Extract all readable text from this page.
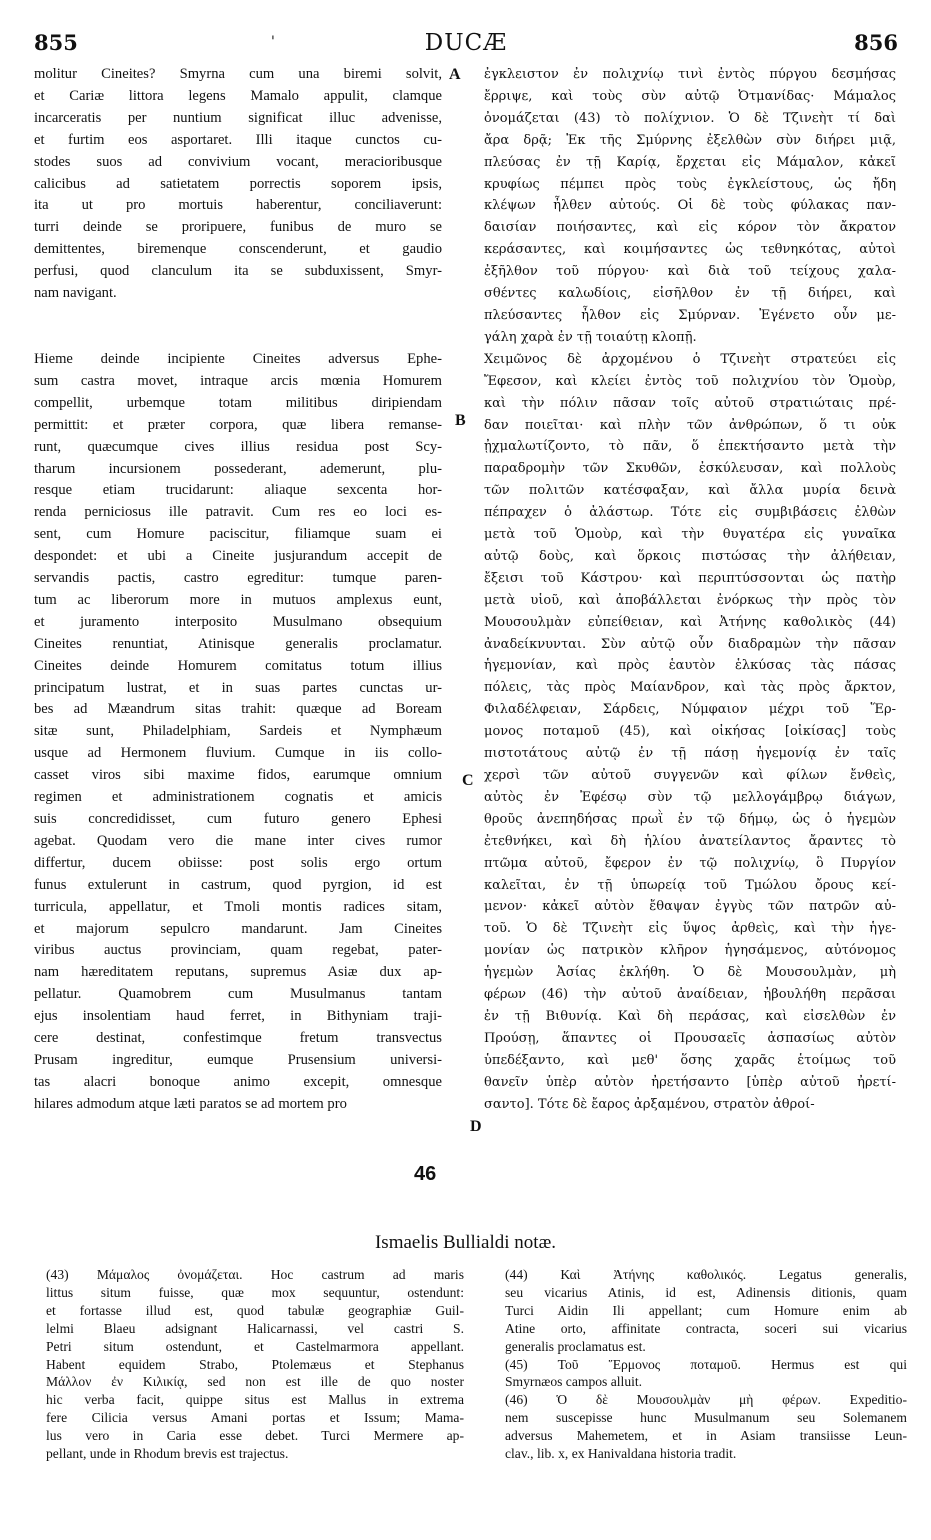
855	'	DUCÆ	856
molitur Cineites? Smyrna cum una biremi solvit,
et Cariæ littora legens Mamalo appulit, clamque
incarceratis per nuntium significat illuc advenisse,
et furtim eos asportaret. Illi itaque cunctos cu-
stodes suos ad convivium vocant, meracioribusque
calicibus ad satietatem porrectis soporem ipsis,
ita ut pro mortuis haberentur, conciliaverunt:
turri deinde se proripuere, funibus de muro se
demittentes, biremenque conscenderunt, et gaudio
perfusi, quod clanculum ita se subduxissent, Smyr-
nam navigant.
Hieme deinde incipiente Cineites adversus Ephe-
sum castra movet, intraque arcis mœnia Homurem
compellit, urbemque totam militibus diripiendam
permittit: et præter corpora, quæ libera remanse-
runt, quæcumque cives illius residua post Scy-
tharum incursionem possederant, ademerunt, plu-
resque etiam trucidarunt: aliaque sexcenta hor-
renda perniciosus ille patravit. Cum res eo loci es-
sent, cum Homure paciscitur, filiamque suam ei
despondet: et ubi a Cineite jusjurandum accepit de
servandis pactis, castro egreditur: tumque paren-
tum ac liberorum more in mutuos amplexus eunt,
et juramento interposito Musulmano obsequium
Cineites renuntiat, Atinisque generalis proclamatur.
Cineites deinde Homurem comitatus totum illius
principatum lustrat, et in suas partes cunctas ur-
bes ad Mæandrum sitas trahit: quæque ad Boream
sitæ sunt, Philadelphiam, Sardeis et Nymphæum
usque ad Hermonem fluvium. Cumque in iis collo-
casset viros sibi maxime fidos, earumque omnium
regimen et administrationem cognatis et amicis
suis concredidisset, cum futuro genero Ephesi
agebat. Quodam vero die mane inter cives rumor
differtur, ducem obiisse: post solis ergo ortum
funus extulerunt in castrum, quod pyrgion, id est
turricula, appellatur, et Tmoli montis radices sitam,
et majorum sepulcro mandarunt. Jam Cineites
viribus auctus provinciam, quam regebat, pater-
nam hæreditatem reputans, supremus Asiæ dux ap-
pellatur. Quamobrem cum Musulmanus tantam
ejus insolentiam haud ferret, in Bithyniam traji-
cere destinat, confestimque fretum transvectus
Prusam ingreditur, eumque Prusensium universi-
tas alacri bonoque animo excepit, omnesque
hilares admodum atque læti paratos se ad mortem pro
ἐγκλειστον ἐν πολιχνίῳ τινὶ ἐντὸς πύργου δεσμήσας
ἔρριψε, καὶ τοὺς σὺν αὐτῷ Ὀτμανίδας· Μάμαλος
ὀνομάζεται (43) τὸ πολίχνιον. Ὁ δὲ Τζινεὴτ τί δαὶ
ἄρα δρᾷ; Ἐκ τῆς Σμύρνης ἐξελθὼν σὺν διήρει μιᾷ,
πλεύσας ἐν τῇ Καρίᾳ, ἔρχεται εἰς Μάμαλον, κἀκεῖ
κρυφίως πέμπει πρὸς τοὺς ἐγκλείστους, ὡς ἤδη
κλέψων ἦλθεν αὐτούς. Οἱ δὲ τοὺς φύλακας παν-
δαισίαν ποιήσαντες, καὶ εἰς κόρον τὸν ἄκρατον
κεράσαντες, καὶ κοιμήσαντες ὡς τεθνηκότας, αὐτοὶ
ἐξῆλθον τοῦ πύργου· καὶ διὰ τοῦ τείχους χαλα-
σθέντες καλωδίοις, εἰσῆλθον ἐν τῇ διήρει, καὶ
πλεύσαντες ἦλθον εἰς Σμύρναν. Ἐγένετο οὖν με-
γάλη χαρὰ ἐν τῇ τοιαύτῃ κλοπῇ.
Χειμῶνος δὲ ἀρχομένου ὁ Τζινεὴτ στρατεύει εἰς
Ἔφεσον, καὶ κλείει ἐντὸς τοῦ πολιχνίου τὸν Ὁμοὺρ,
καὶ τὴν πόλιν πᾶσαν τοῖς αὐτοῦ στρατιώταις πρέ-
δαν ποιεῖται· καὶ πλὴν τῶν ἀνθρώπων, ὅ τι οὐκ
ᾐχμαλωτίζοντο, τὸ πᾶν, ὅ ἐπεκτήσαντο μετὰ τὴν
παραδρομὴν τῶν Σκυθῶν, ἐσκύλευσαν, καὶ πολλοὺς
τῶν πολιτῶν κατέσφαξαν, καὶ ἄλλα μυρία δεινὰ
πέπραχεν ὁ ἀλάστωρ. Τότε εἰς συμβιβάσεις ἐλθὼν
μετὰ τοῦ Ὁμοὺρ, καὶ τὴν θυγατέρα εἰς γυναῖκα
αὐτῷ δοὺς, καὶ ὅρκοις πιστώσας τὴν ἀλήθειαν,
ἔξεισι τοῦ Κάστρου· καὶ περιπτύσσονται ὡς πατὴρ
μετὰ υἱοῦ, καὶ ἀποβάλλεται ἐνόρκως τὴν πρὸς τὸν
Μουσουλμὰν εὐπείθειαν, καὶ Ἀτήνης καθολικὸς (44)
ἀναδείκνυνται. Σὺν αὐτῷ οὖν διαδραμὼν τὴν πᾶσαν
ἡγεμονίαν, καὶ πρὸς ἑαυτὸν ἑλκύσας τὰς πάσας
πόλεις, τὰς πρὸς Μαίανδρον, καὶ τὰς πρὸς ἄρκτον,
Φιλαδέλφειαν, Σάρδεις, Νύμφαιον μέχρι τοῦ Ἕρ-
μονος ποταμοῦ (45), καὶ οἰκήσας [οἰκίσας] τοὺς
πιστοτάτους αὐτῷ ἐν τῇ πάσῃ ἡγεμονίᾳ ἐν ταῖς
χερσὶ τῶν αὐτοῦ συγγενῶν καὶ φίλων ἔνθεὶς,
αὐτὸς ἐν Ἐφέσῳ σὺν τῷ μελλογάμβρῳ διάγων,
θροῦς ἀνεπηδήσας πρωῒ ἐν τῷ δήμῳ, ὡς ὁ ἡγεμὼν
ἐτεθνήκει, καὶ δὴ ἡλίου ἀνατείλαντος ἄραντες τὸ
πτῶμα αὐτοῦ, ἔφερον ἐν τῷ πολιχνίῳ, ὃ Πυργίον
καλεῖται, ἐν τῇ ὑπωρείᾳ τοῦ Τμώλου ὄρους κεί-
μενον· κἀκεῖ αὐτὸν ἔθαψαν ἐγγὺς τῶν πατρῶν αὐ-
τοῦ. Ὁ δὲ Τζινεὴτ εἰς ὕψος ἀρθεὶς, καὶ τὴν ἡγε-
μονίαν ὡς πατρικὸν κλῆρον ἡγησάμενος, αὐτόνομος
ἡγεμὼν Ἀσίας ἐκλήθη. Ὁ δὲ Μουσουλμὰν, μὴ
φέρων (46) τὴν αὐτοῦ ἀναίδειαν, ἠβουλήθη περᾶσαι
ἐν τῇ Βιθυνίᾳ. Καὶ δὴ περάσας, καὶ εἰσελθὼν ἐν
Προύσῃ, ἅπαντες οἱ Προυσαεῖς ἀσπασίως αὐτὸν
ὑπεδέξαντο, καὶ μεθ' ὅσης χαρᾶς ἑτοίμως τοῦ
θανεῖν ὑπὲρ αὐτὸν ἠρετήσαντο [ὑπὲρ αὐτοῦ ἠρετί-
σαντο]. Τότε δὲ ἔαρος ἀρξαμένου, στρατὸν ἀθροί-
A
B
C
D
46
Ismaelis Bullialdi notæ.
(43) Μάμαλος ὀνομάζεται. Hoc castrum ad maris
littus situm fuisse, quæ mox sequuntur, ostendunt:
et fortasse illud est, quod tabulæ geographiæ Guil-
lelmi Blaeu adsignant Halicarnassi, vel castri S.
Petri situm ostendunt, et Castelmarmora appellant.
Habent equidem Strabo, Ptolemæus et Stephanus
Μάλλον ἐν Κιλικίᾳ, sed non est ille de quo noster
hic verba facit, quippe situs est Mallus in extrema
fere Cilicia versus Amani portas et Issum; Mama-
lus vero in Caria esse debet. Turci Mermere ap-
pellant, unde in Rhodum brevis est trajectus.
(44) Καὶ Ἀτήνης καθολικός. Legatus generalis,
seu vicarius Atinis, id est, Adinensis ditionis, quam
Turci Aidin Ili appellant; cum Homure enim ab
Atine orto, affinitate contracta, soceri sui vicarius
generalis proclamatus est.
(45) Τοῦ Ἕρμονος ποταμοῦ. Hermus est qui
Smyrnæos campos alluit.
(46) Ὁ δὲ Μουσουλμὰν μὴ φέρων. Expeditio-
nem suscepisse hunc Musulmanum seu Solemanem
adversus Mahemetem, et in Asiam transiisse Leun-
clav., lib. x, ex Hanivaldana historia tradit.
